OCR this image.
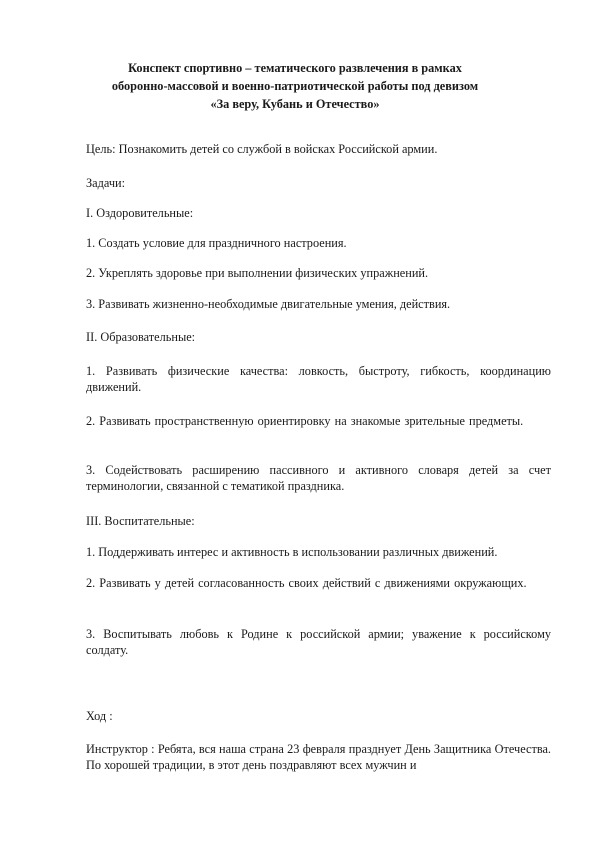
Конспект спортивно – тематического развлечения в рамках
оборонно-массовой и военно-патриотической работы под девизом
«За веру, Кубань и Отечество»
Цель: Познакомить детей со службой в войсках Российской армии.
Задачи:
I. Оздоровительные:
1. Создать условие для праздничного настроения.
2. Укреплять здоровье при выполнении физических упражнений.
3. Развивать жизненно-необходимые двигательные умения, действия.
II. Образовательные:
1. Развивать физические качества: ловкость, быстроту, гибкость, координацию движений.
2. Развивать пространственную ориентировку на знакомые зрительные предметы.
3. Содействовать расширению пассивного и активного словаря детей за счет терминологии, связанной с тематикой праздника.
III. Воспитательные:
1. Поддерживать интерес и активность в использовании различных движений.
2. Развивать у детей согласованность своих действий с движениями окружающих.
3. Воспитывать любовь к Родине к российской армии; уважение к российскому солдату.
Ход :
Инструктор : Ребята, вся наша страна 23 февраля празднует День Защитника Отечества. По хорошей традиции, в этот день поздравляют всех мужчин и
